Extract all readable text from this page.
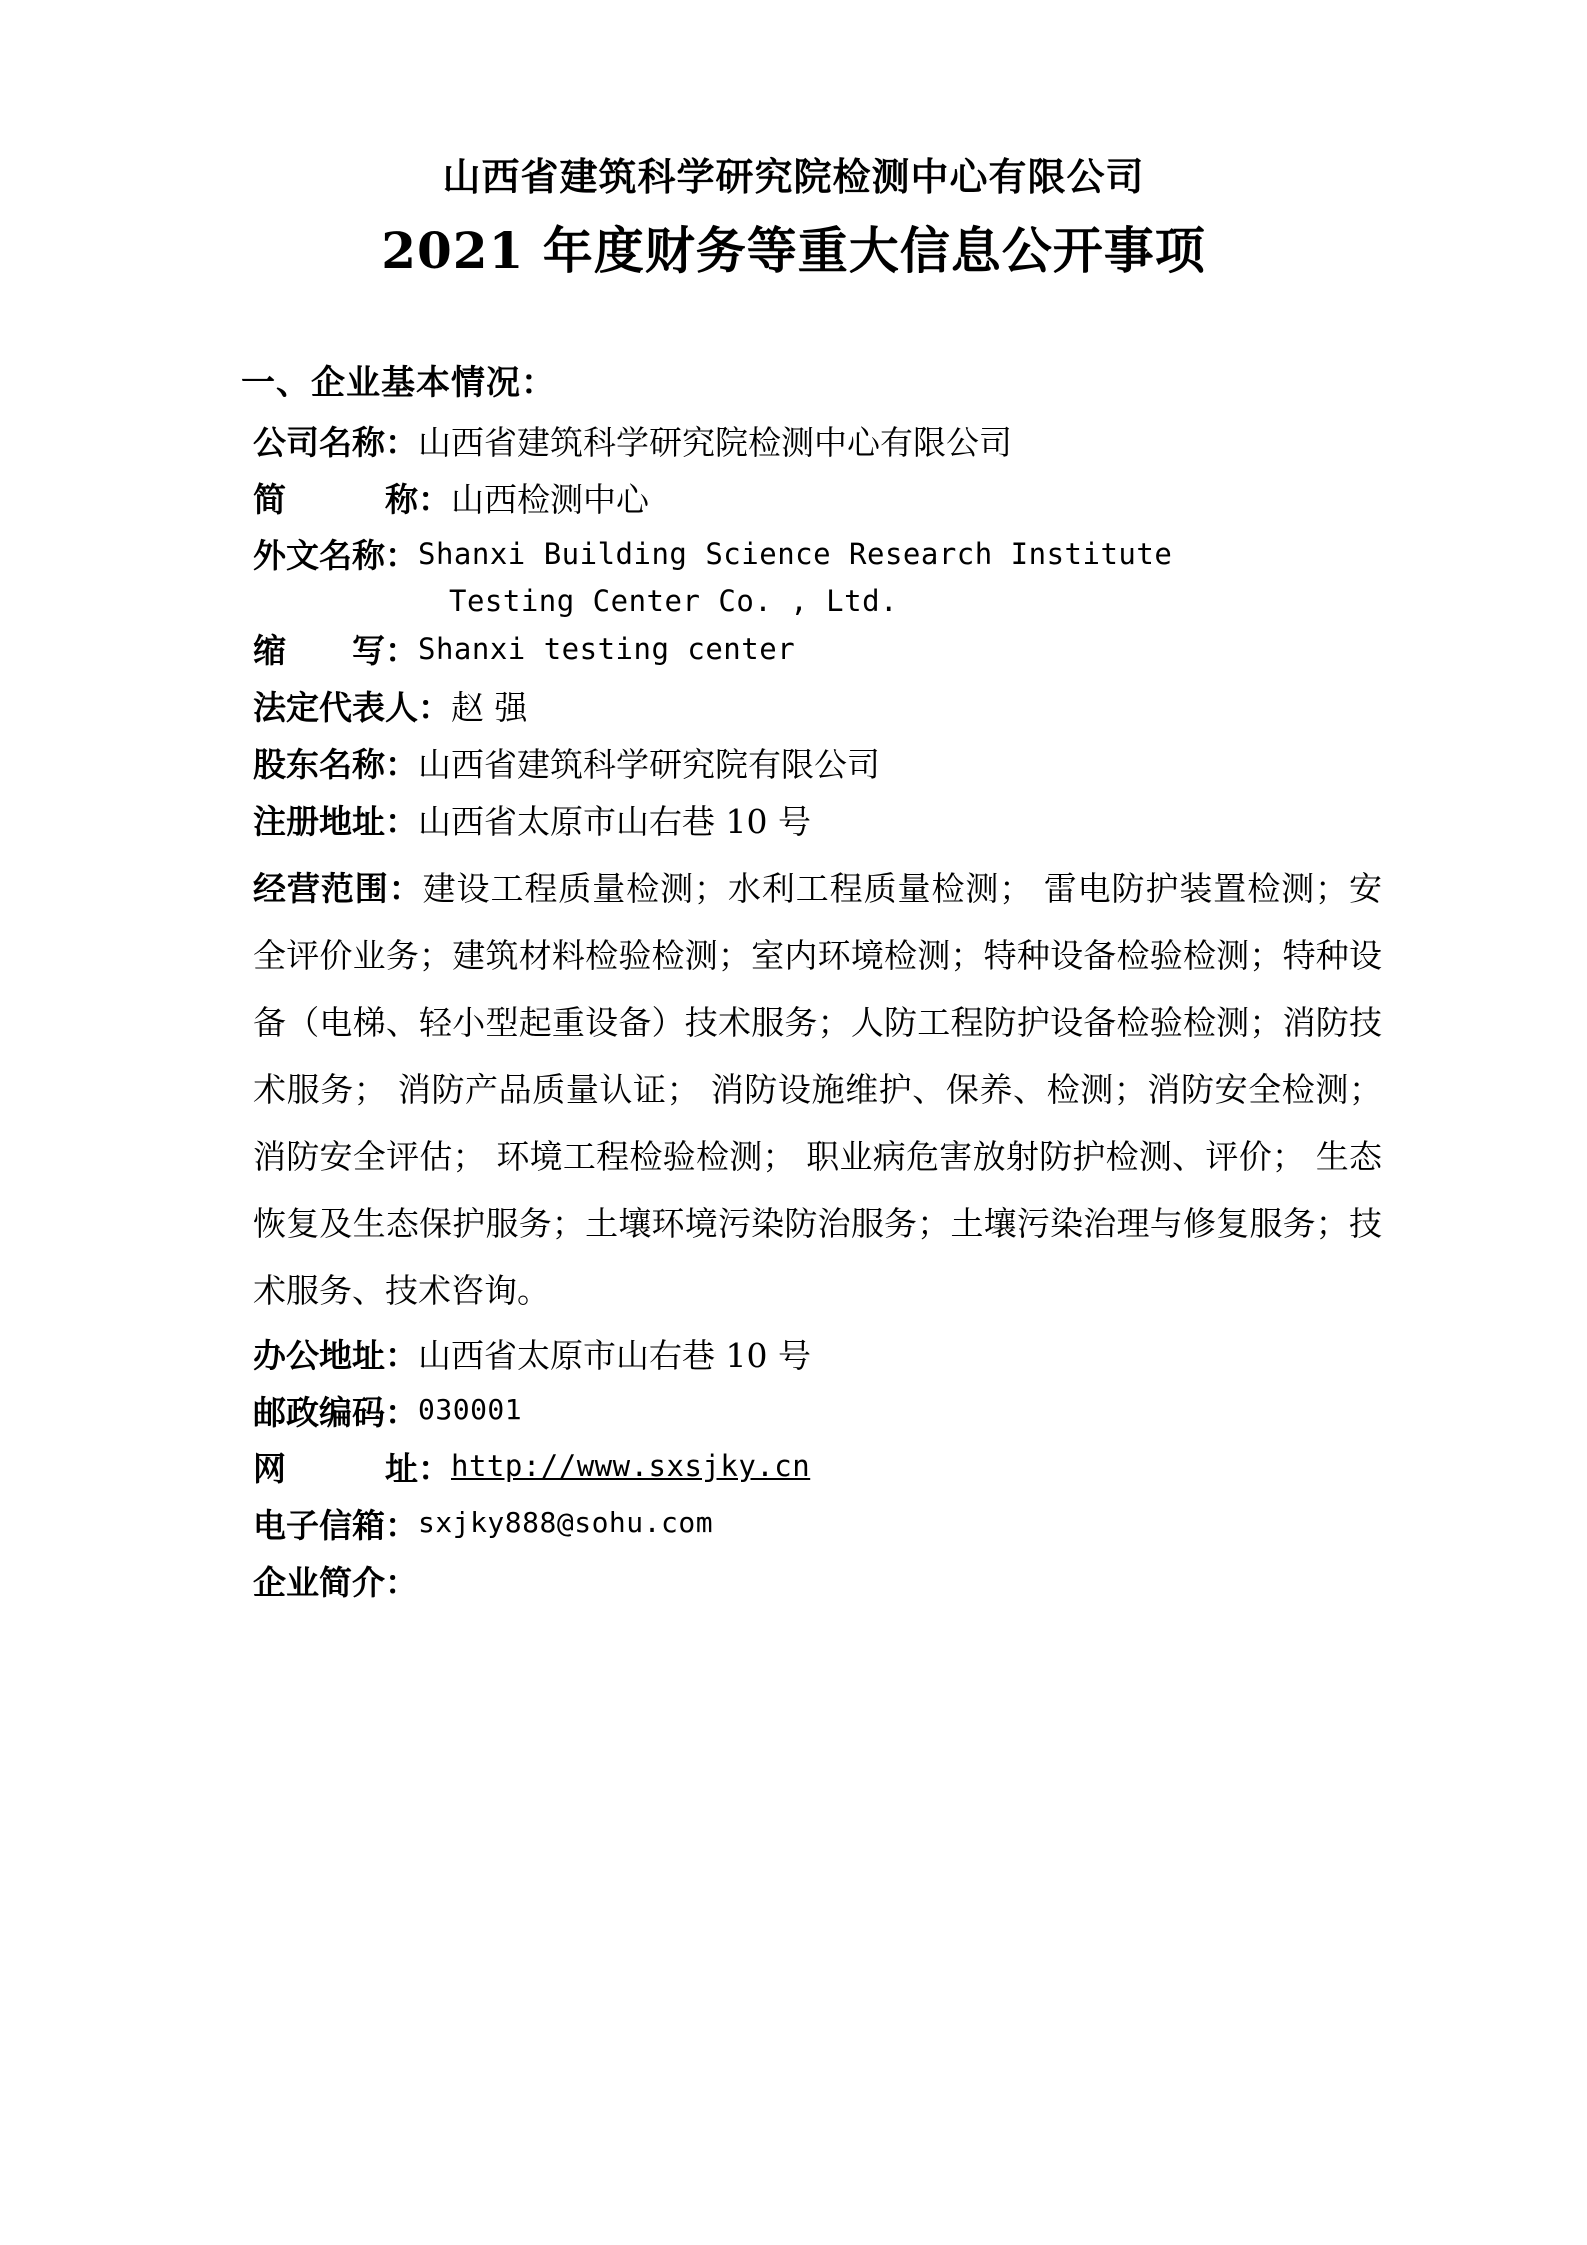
山西省建筑科学研究院检测中心有限公司
2021 年度财务等重大信息公开事项
一、企业基本情况：
公司名称： 山西省建筑科学研究院检测中心有限公司
简　　　称： 山西检测中心
外文名称： Shanxi Building Science Research Institute
Testing Center Co. , Ltd.
缩　　写： Shanxi testing center
法定代表人： 赵 强
股东名称： 山西省建筑科学研究院有限公司
注册地址： 山西省太原市山右巷 10 号
经营范围：建设工程质量检测；水利工程质量检测； 雷电防护装置检测；安全评价业务；建筑材料检验检测；室内环境检测；特种设备检验检测；特种设备（电梯、轻小型起重设备）技术服务；人防工程防护设备检验检测；消防技术服务； 消防产品质量认证； 消防设施维护、保养、检测；消防安全检测；消防安全评估； 环境工程检验检测； 职业病危害放射防护检测、评价； 生态恢复及生态保护服务；土壤环境污染防治服务；土壤污染治理与修复服务；技术服务、技术咨询。
办公地址： 山西省太原市山右巷 10 号
邮政编码： 030001
网　　　址： http://www.sxsjky.cn
电子信箱： sxjky888@sohu.com
企业简介：
